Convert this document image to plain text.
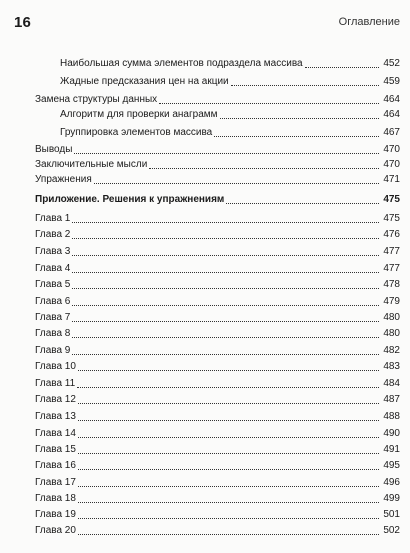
16	Оглавление
Наибольшая сумма элементов подраздела массива	452
Жадные предсказания цен на акции	459
Замена структуры данных	464
Алгоритм для проверки анаграмм	464
Группировка элементов массива	467
Выводы	470
Заключительные мысли	470
Упражнения	471
Приложение. Решения к упражнениям	475
Глава 1	475
Глава 2	476
Глава 3	477
Глава 4	477
Глава 5	478
Глава 6	479
Глава 7	480
Глава 8	480
Глава 9	482
Глава 10	483
Глава 11	484
Глава 12	487
Глава 13	488
Глава 14	490
Глава 15	491
Глава 16	495
Глава 17	496
Глава 18	499
Глава 19	501
Глава 20	502
